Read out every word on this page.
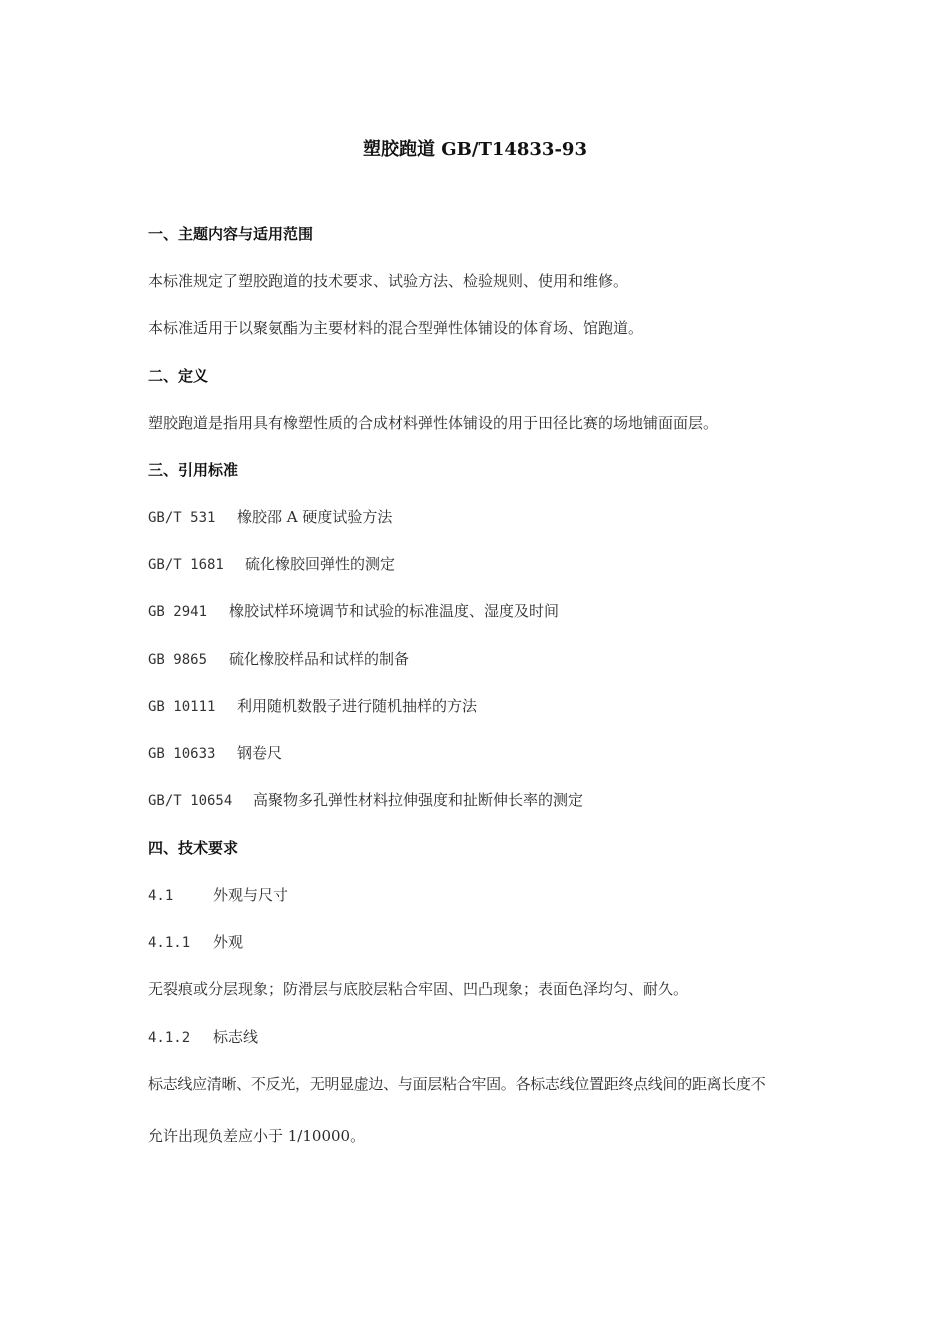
塑胶跑道 GB/T14833-93
一、主题内容与适用范围
本标准规定了塑胶跑道的技术要求、试验方法、检验规则、使用和维修。
本标准适用于以聚氨酯为主要材料的混合型弹性体铺设的体育场、馆跑道。
二、定义
塑胶跑道是指用具有橡塑性质的合成材料弹性体铺设的用于田径比赛的场地铺面面层。
三、引用标准
GB/T 531 橡胶邵 A 硬度试验方法
GB/T 1681 硫化橡胶回弹性的测定
GB 2941 橡胶试样环境调节和试验的标准温度、湿度及时间
GB 9865 硫化橡胶样品和试样的制备
GB 10111 利用随机数骰子进行随机抽样的方法
GB 10633 钢卷尺
GB/T 10654 高聚物多孔弹性材料拉伸强度和扯断伸长率的测定
四、技术要求
4.1	外观与尺寸
4.1.1 外观
无裂痕或分层现象；防滑层与底胶层粘合牢固、凹凸现象；表面色泽均匀、耐久。
4.1.2 标志线
标志线应清晰、不反光，无明显虚边、与面层粘合牢固。各标志线位置距终点线间的距离长度不
允许出现负差应小于 1/10000。
